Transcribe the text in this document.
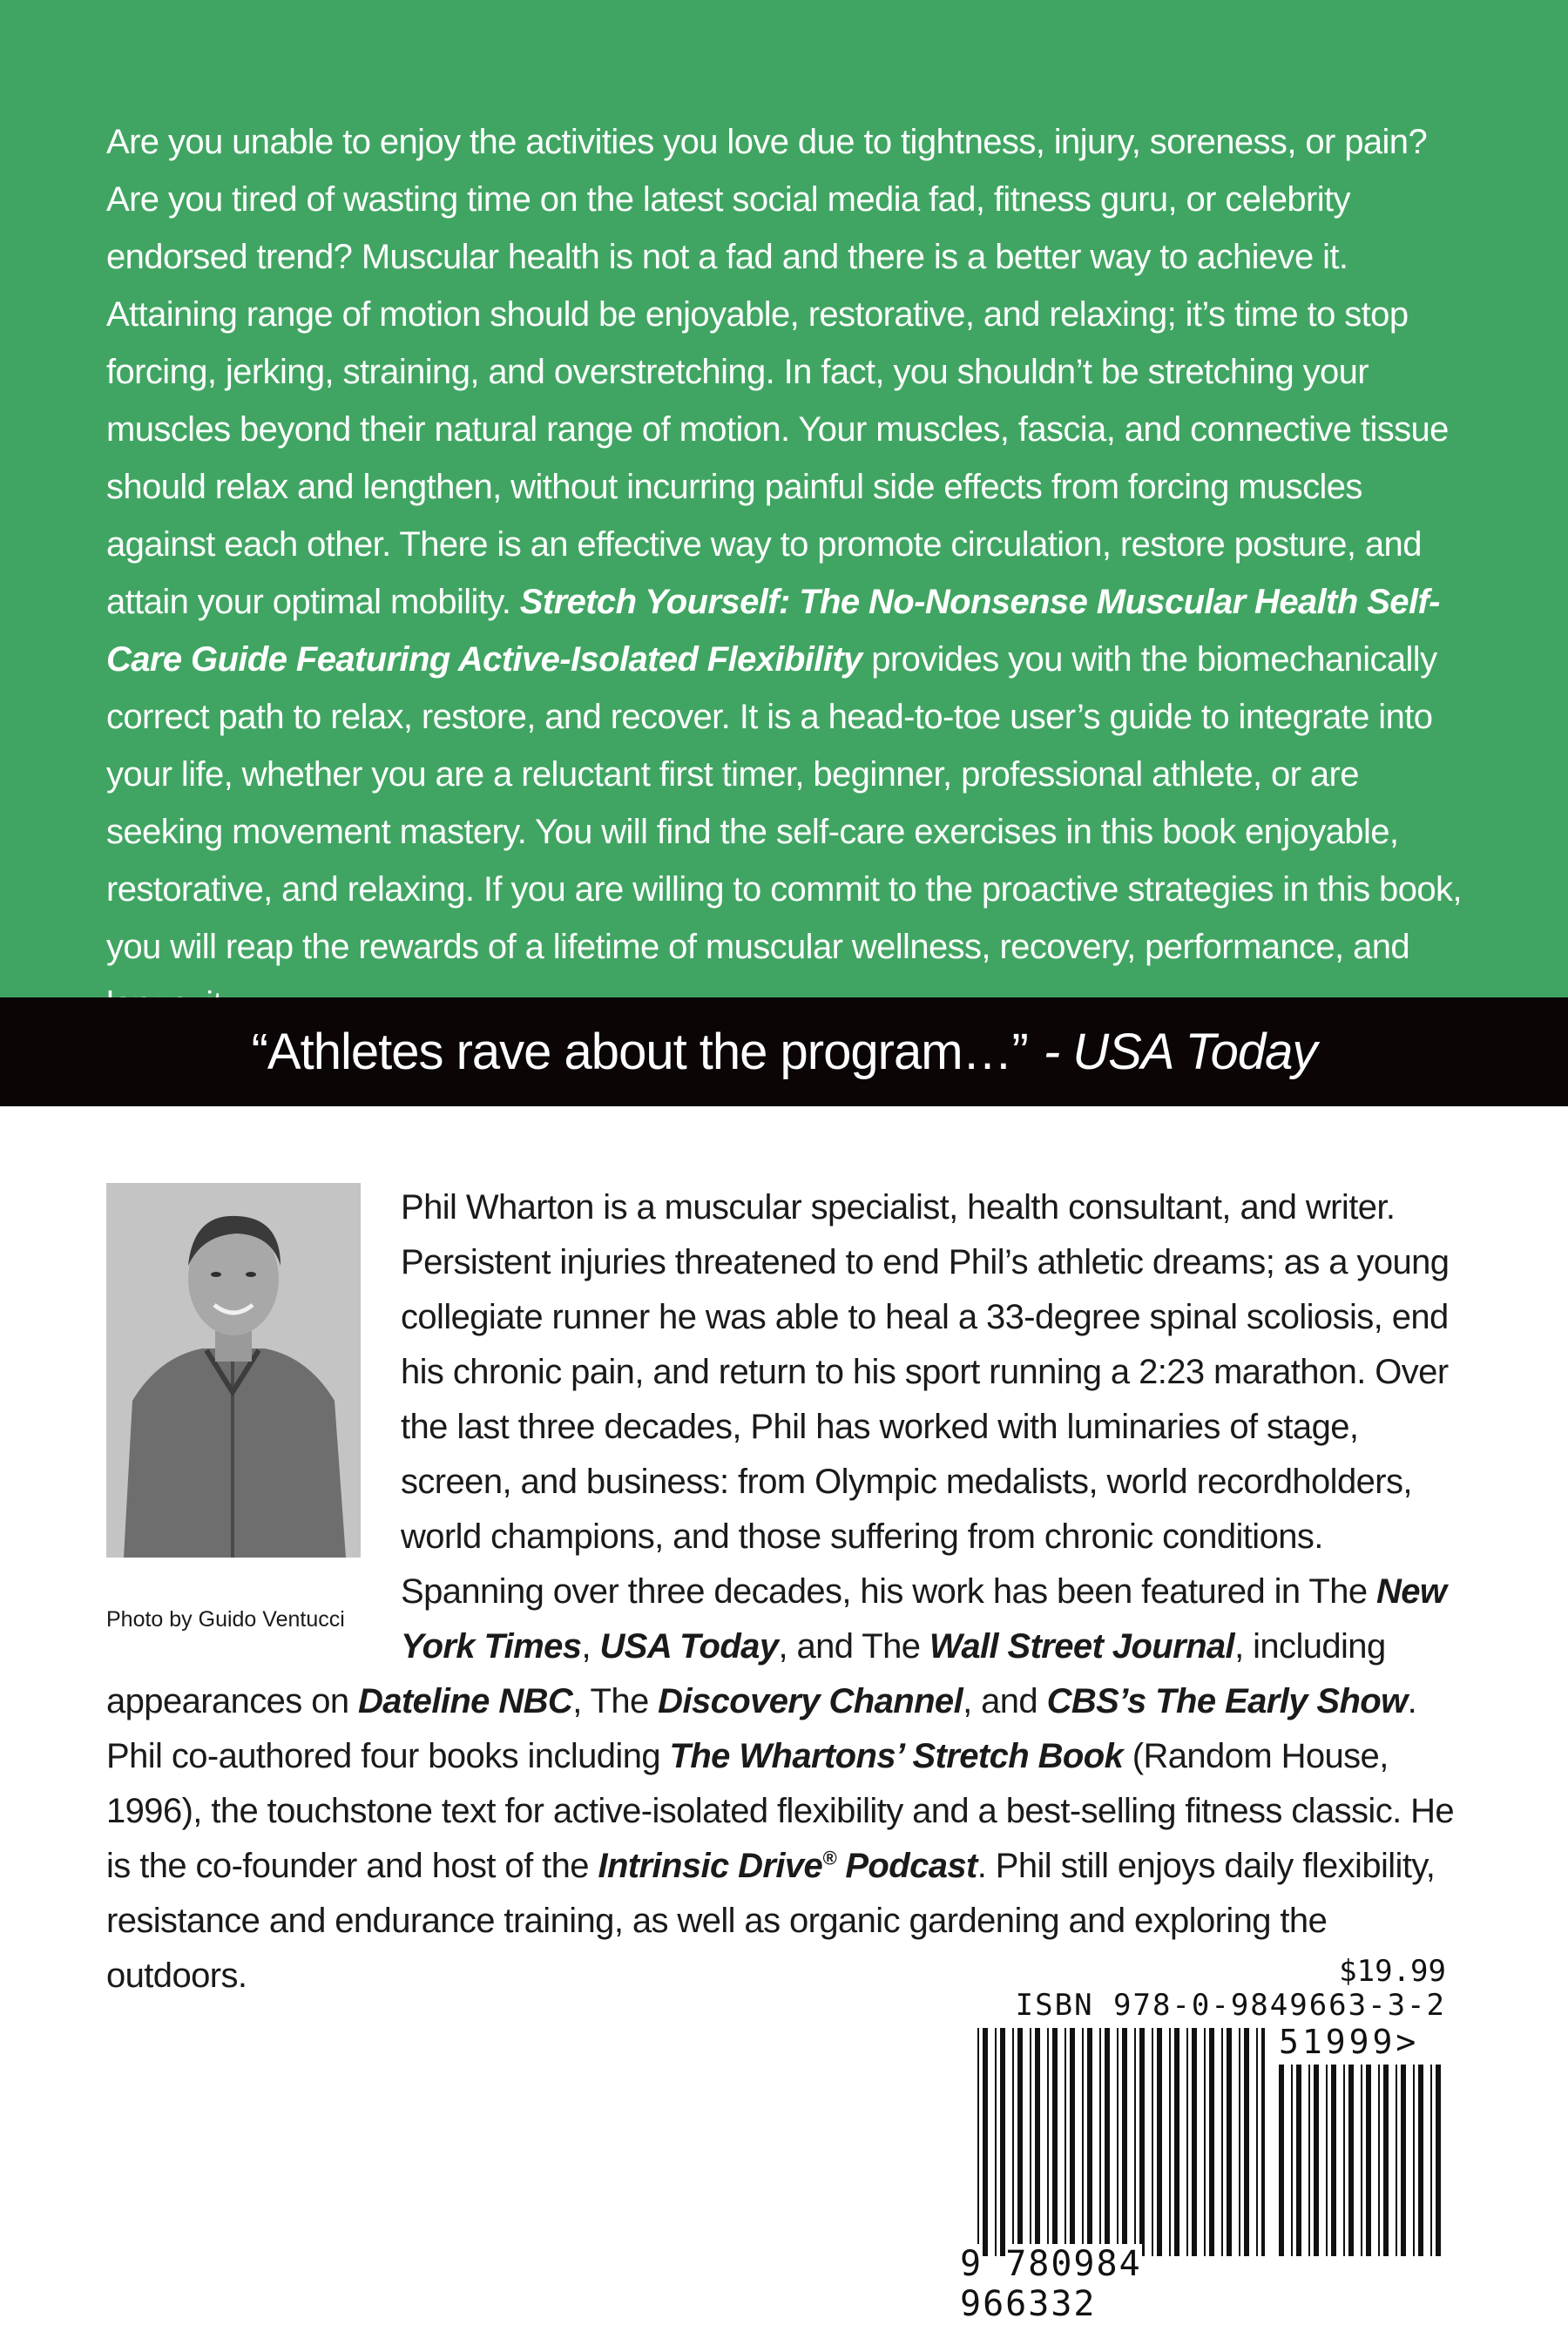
Are you unable to enjoy the activities you love due to tightness, injury, soreness, or pain? Are you tired of wasting time on the latest social media fad, fitness guru, or celebrity endorsed trend? Muscular health is not a fad and there is a better way to achieve it. Attaining range of motion should be enjoyable, restorative, and relaxing; it’s time to stop forcing, jerking, straining, and overstretching. In fact, you shouldn’t be stretching your muscles beyond their natural range of motion. Your muscles, fascia, and connective tissue should relax and lengthen, without incurring painful side effects from forcing muscles against each other. There is an effective way to promote circulation, restore posture, and attain your optimal mobility. Stretch Yourself: The No-Nonsense Muscular Health Self-Care Guide Featuring Active-Isolated Flexibility provides you with the biomechanically correct path to relax, restore, and recover. It is a head-to-toe user’s guide to integrate into your life, whether you are a reluctant first timer, beginner, professional athlete, or are seeking movement mastery. You will find the self-care exercises in this book enjoyable, restorative, and relaxing. If you are willing to commit to the proactive strategies in this book, you will reap the rewards of a lifetime of muscular wellness, recovery, performance, and

“Athletes rave about the program…” - USA Today

Photo by Guido Ventucci

Phil Wharton is a muscular specialist, health consultant, and writer. Persistent injuries threatened to end Phil’s athletic dreams; as a young collegiate runner he was able to heal a 33-degree spinal scoliosis, end his chronic pain, and return to his sport running a 2:23 marathon. Over the last three decades, Phil has worked with luminaries of stage, screen, and business: from Olympic medalists, world recordholders, world champions, and those suffering from chronic conditions. Spanning over three decades, his work has been featured in The New York Times, USA Today, and The Wall Street Journal, including appearances on Dateline NBC, The Discovery Channel, and CBS’s The Early Show. Phil co-authored four books including The Whartons’ Stretch Book (Random House, 1996), the touchstone text for active-isolated flexibility and a best-selling fitness classic. He is the co-founder and host of the Intrinsic Drive® Podcast. Phil still enjoys daily flexibility, resistance and endurance training, as well as organic gardening and exploring the outdoors.	$19.99

ISBN 978-0-9849663-3-2

51999>

9 780984 966332
